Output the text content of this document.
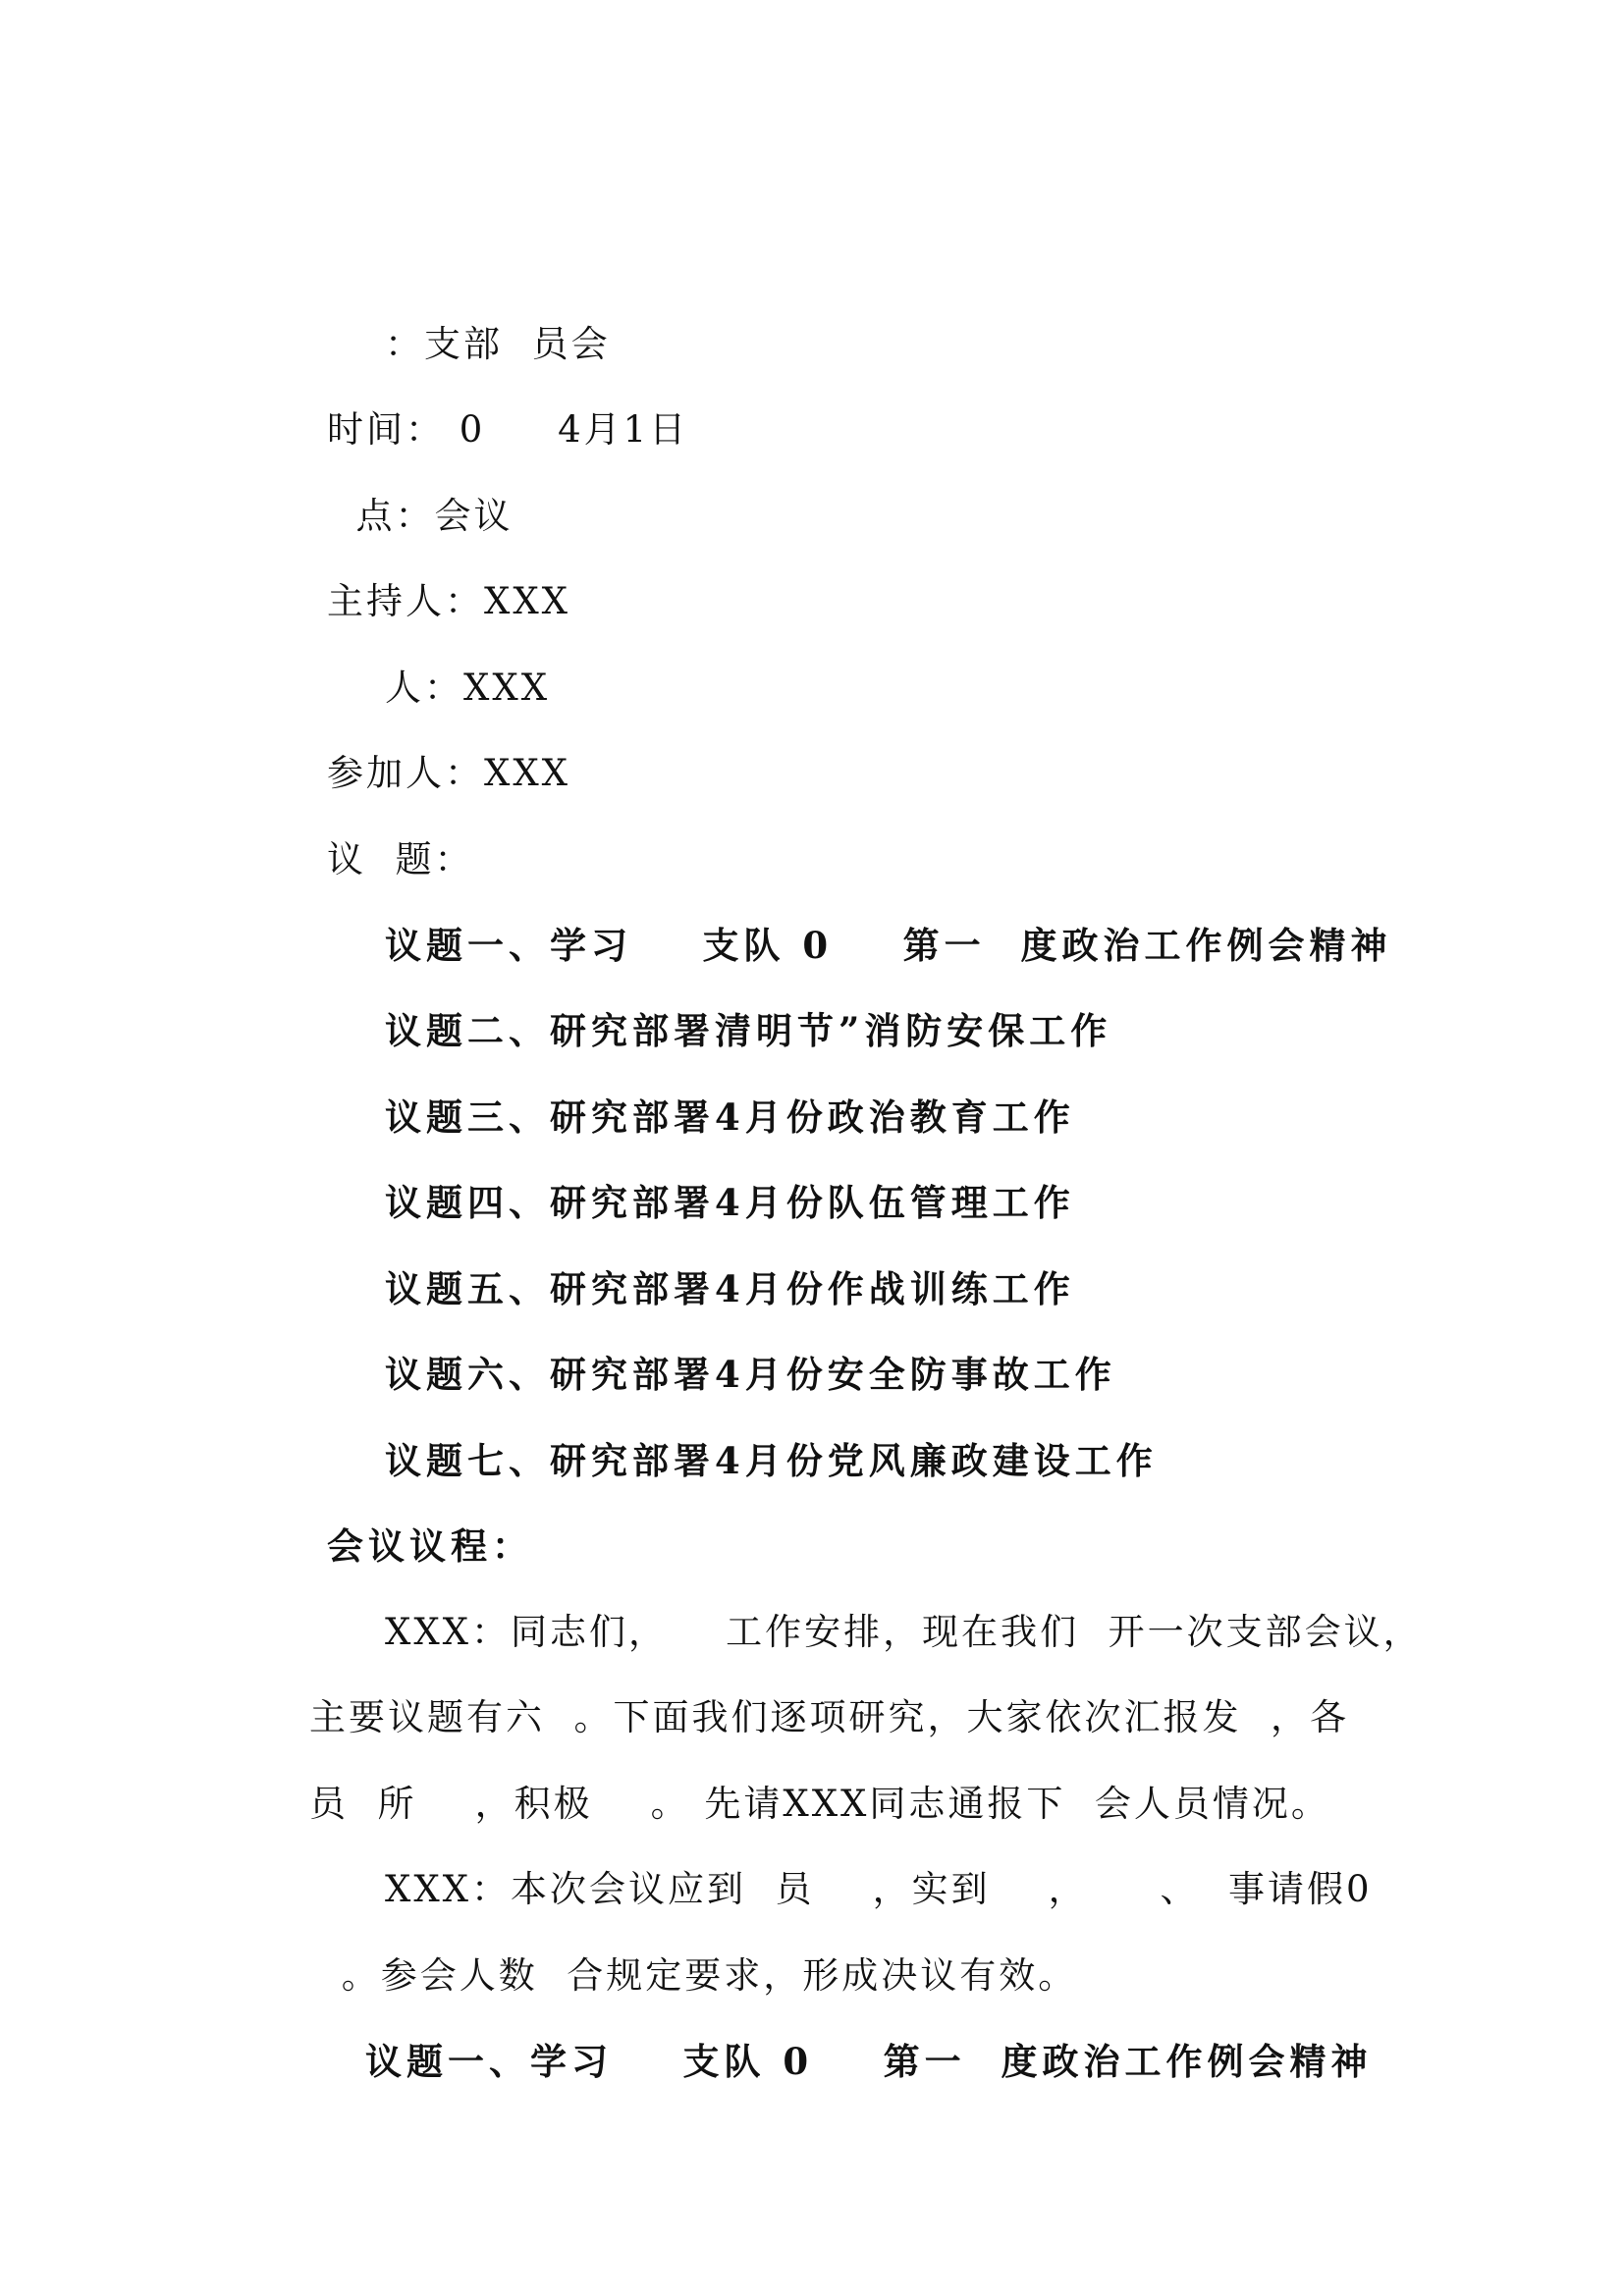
：支部  员会
时间： 0     4月1日
点：会议
主持人：XXX
人：XXX
参加人：XXX
议  题：
议题一、学习    支队 0    第一  度政治工作例会精神
议题二、研究部署清明节”消防安保工作
议题三、研究部署4月份政治教育工作
议题四、研究部署4月份队伍管理工作
议题五、研究部署4月份作战训练工作
议题六、研究部署4月份安全防事故工作
议题七、研究部署4月份党风廉政建设工作
会议议程：
XXX：同志们，    工作安排，现在我们  开一次支部会议，
主要议题有六  。下面我们逐项研究，大家依次汇报发  ，各
员  所    ，积极    。 先请XXX同志通报下  会人员情况。
XXX：本次会议应到  员    ，实到    ，     、  事请假0
。参会人数  合规定要求，形成决议有效。
议题一、学习    支队 0    第一  度政治工作例会精神
